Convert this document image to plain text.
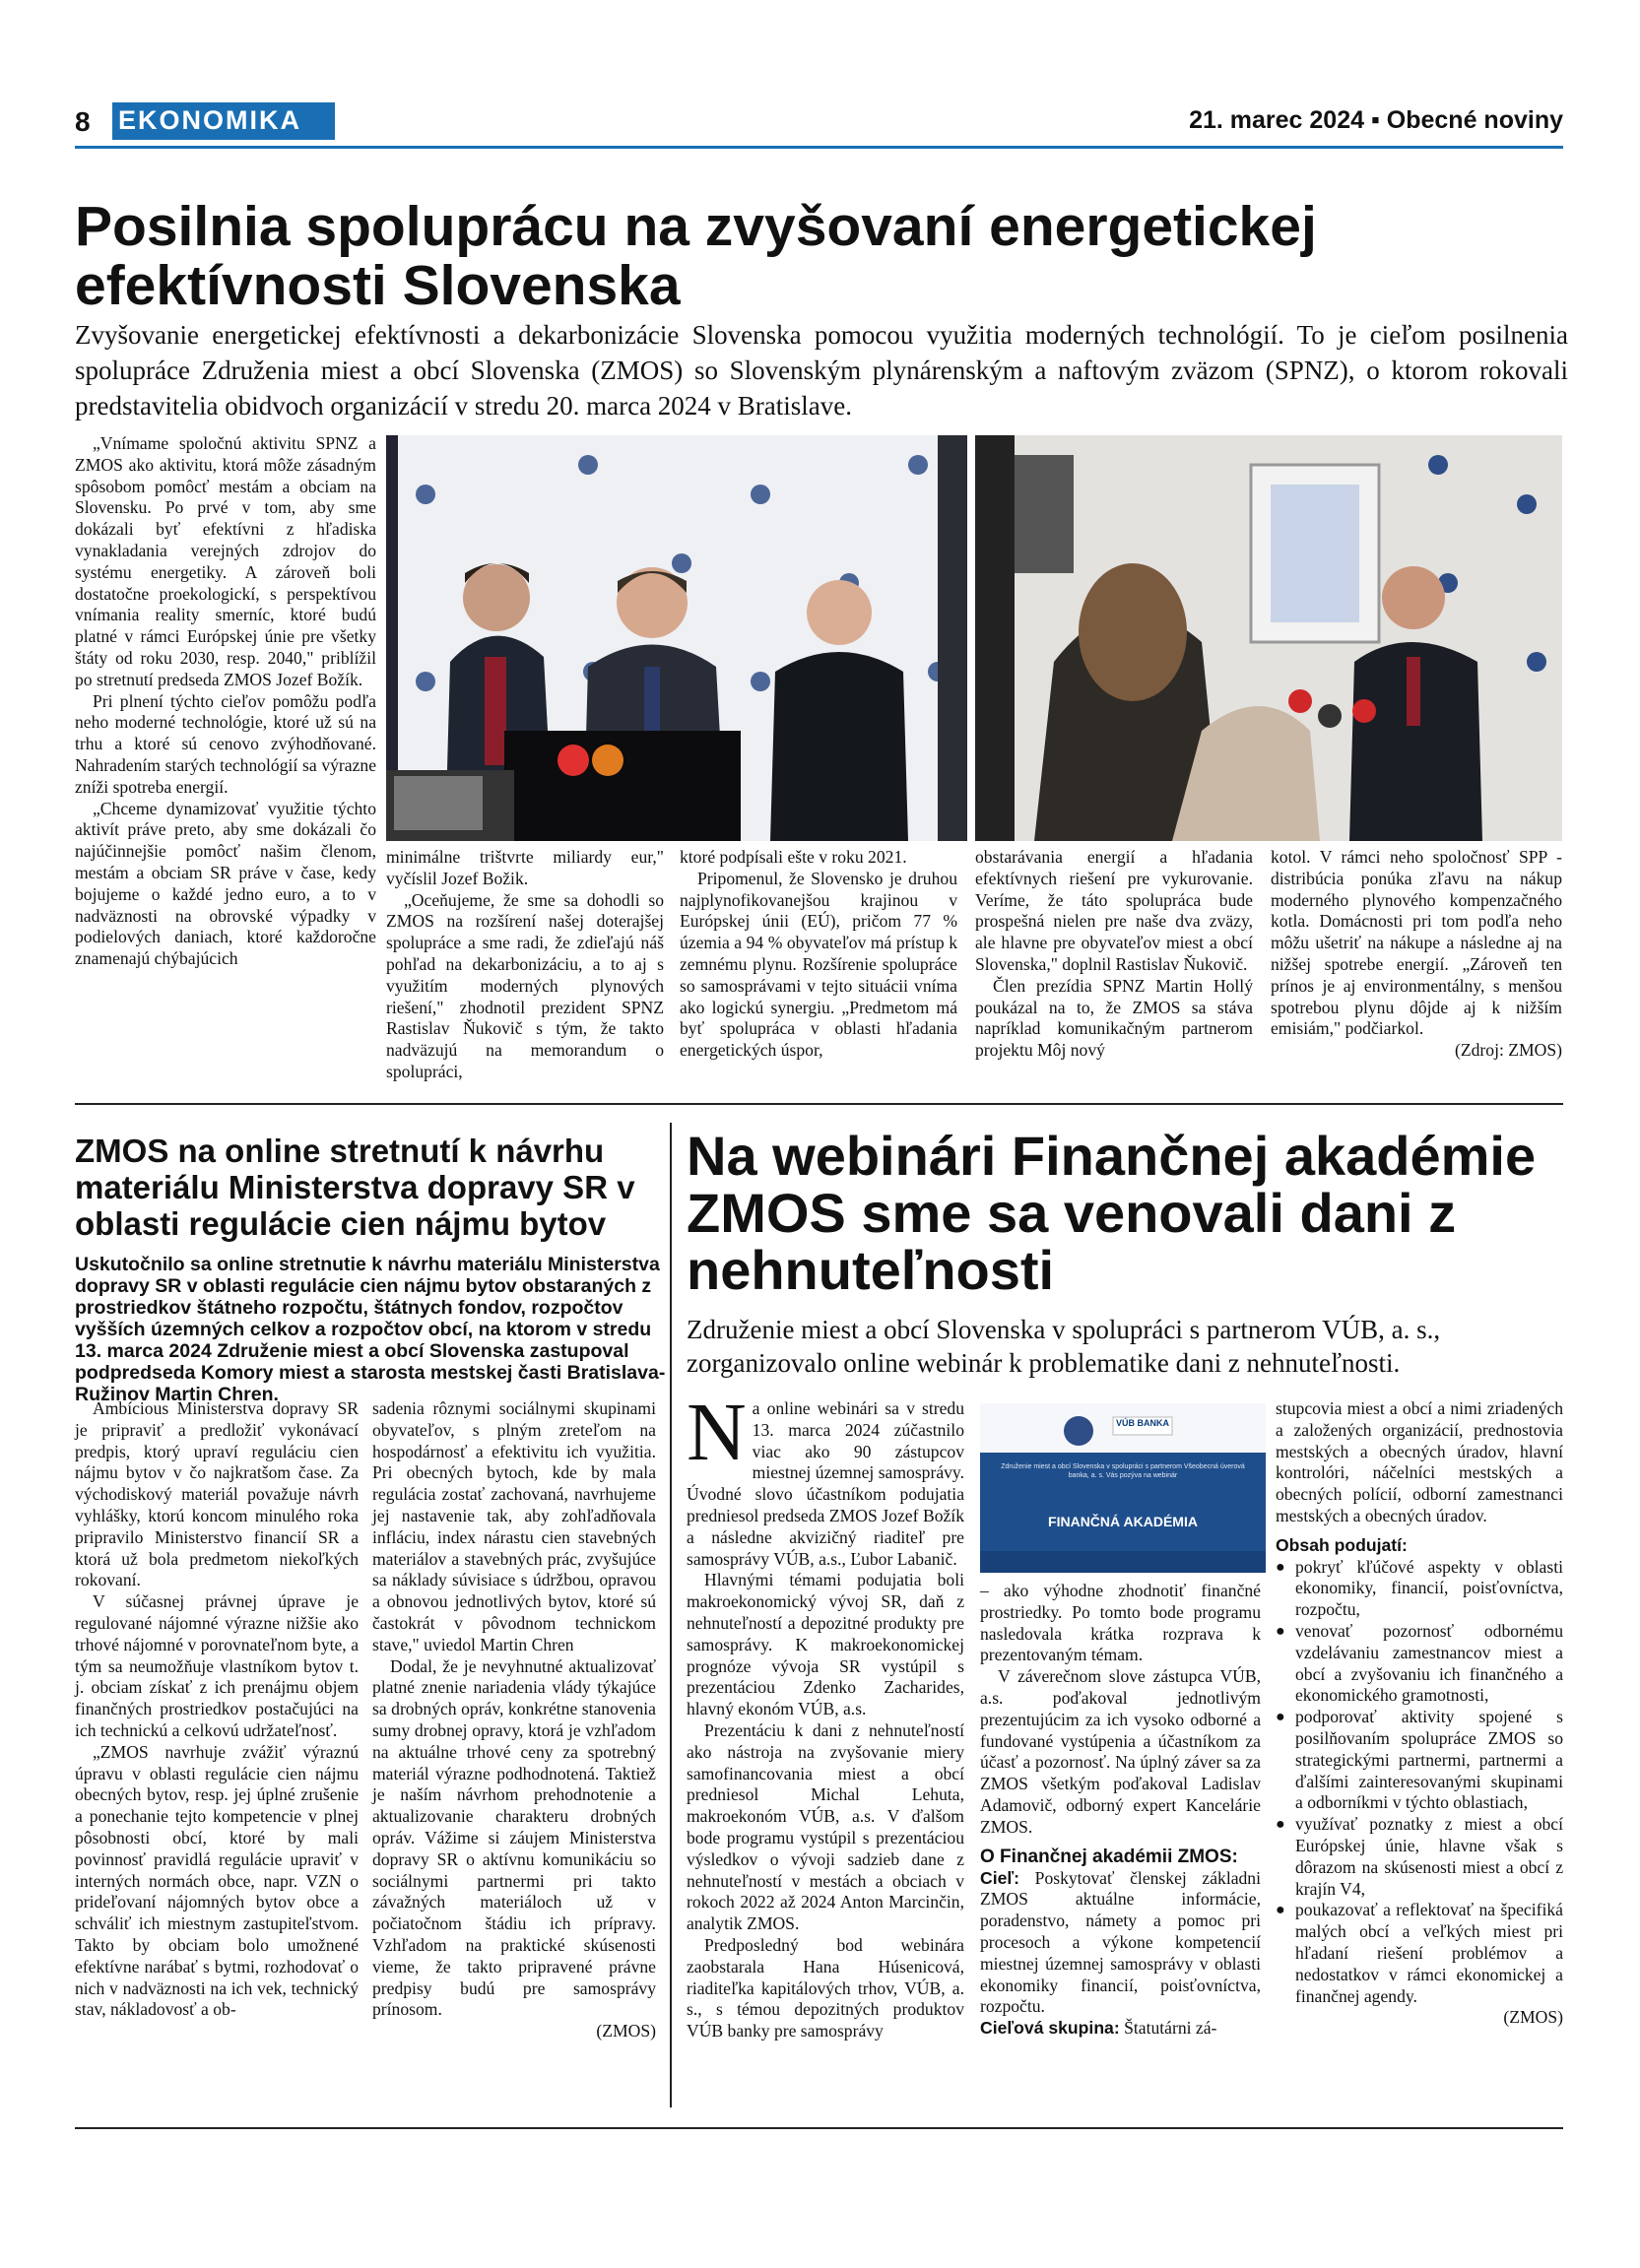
8 EKONOMIKA	21. marec 2024 ▪ Obecné noviny
Posilnia spoluprácu na zvyšovaní energetickej efektívnosti Slovenska
Zvyšovanie energetickej efektívnosti a dekarbonizácie Slovenska pomocou využitia moderných technológií. To je cieľom posilnenia spolupráce Združenia miest a obcí Slovenska (ZMOS) so Slovenským plynárenským a naftovým zväzom (SPNZ), o ktorom rokovali predstavitelia obidvoch organizácií v stredu 20. marca 2024 v Bratislave.

„Vnímame spoločnú aktivitu SPNZ a ZMOS ako aktivitu, ktorá môže zásadným spôsobom pomôcť mestám a obciam na Slovensku. Po prvé v tom, aby sme dokázali byť efektívni z hľadiska vynakladania verejných zdrojov do systému energetiky. A zároveň boli dostatočne proekologickí, s perspektívou vnímania reality smerníc, ktoré budú platné v rámci Európskej únie pre všetky štáty od roku 2030, resp. 2040," priblížil po stretnutí predseda ZMOS Jozef Božík.

Pri plnení týchto cieľov pomôžu podľa neho moderné technológie, ktoré už sú na trhu a ktoré sú cenovo zvýhodňované. Nahradením starých technológií sa výrazne zníži spotreba energií.

„Chceme dynamizovať využitie týchto aktivít práve preto, aby sme dokázali čo najúčinnejšie pomôcť našim členom, mestám a obciam SR práve v čase, kedy bojujeme o každé jedno euro, a to v nadväznosti na obrovské výpadky v podielových daniach, ktoré každoročne znamenajú chýbajúcich

minimálne trištvrte miliardy eur," vyčíslil Jozef Božik.

„Oceňujeme, že sme sa dohodli so ZMOS na rozšírení našej doterajšej spolupráce a sme radi, že zdieľajú náš pohľad na dekarbonizáciu, a to aj s využitím moderných plynových riešení," zhodnotil prezident SPNZ Rastislav Ňukovič s tým, že takto nadväzujú na memorandum o spolupráci,

ktoré podpísali ešte v roku 2021.

Pripomenul, že Slovensko je druhou najplynofikovanejšou krajinou v Európskej únii (EÚ), pričom 77 % územia a 94 % obyvateľov má prístup k zemnému plynu. Rozšírenie spolupráce so samosprávami v tejto situácii vníma ako logickú synergiu. „Predmetom má byť spolupráca v oblasti hľadania energetických úspor,

obstarávania energií a hľadania efektívnych riešení pre vykurovanie. Veríme, že táto spolupráca bude prospešná nielen pre naše dva zväzy, ale hlavne pre obyvateľov miest a obcí Slovenska," doplnil Rastislav Ňukovič.

Člen prezídia SPNZ Martin Hollý poukázal na to, že ZMOS sa stáva napríklad komunikačným partnerom projektu Môj nový

kotol. V rámci neho spoločnosť SPP - distribúcia ponúka zľavu na nákup moderného plynového kompenzačného kotla. Domácnosti pri tom podľa neho môžu ušetriť na nákupe a následne aj na nižšej spotrebe energií. „Zároveň ten prínos je aj environmentálny, s menšou spotrebou plynu dôjde aj k nižším emisiám," podčiarkol.

(Zdroj: ZMOS)

ZMOS na online stretnutí k návrhu materiálu Ministerstva dopravy SR v oblasti regulácie cien nájmu bytov
Uskutočnilo sa online stretnutie k návrhu materiálu Ministerstva dopravy SR v oblasti regulácie cien nájmu bytov obstaraných z prostriedkov štátneho rozpočtu, štátnych fondov, rozpočtov vyšších územných celkov a rozpočtov obcí, na ktorom v stredu 13. marca 2024 Združenie miest a obcí Slovenska zastupoval podpredseda Komory miest a starosta mestskej časti Bratislava-Ružinov Martin Chren.

Ambícious Ministerstva dopravy SR je pripraviť a predložiť vykonávací predpis, ktorý upraví reguláciu cien nájmu bytov v čo najkratšom čase. Za východiskový materiál považuje návrh vyhlášky, ktorú koncom minulého roka pripravilo Ministerstvo financií SR a ktorá už bola predmetom niekoľkých rokovaní.

V súčasnej právnej úprave je regulované nájomné výrazne nižšie ako trhové nájomné v porovnateľnom byte, a tým sa neumožňuje vlastníkom bytov t. j. obciam získať z ich prenájmu objem finančných prostriedkov postačujúci na ich technickú a celkovú udržateľnosť.

„ZMOS navrhuje zvážiť výraznú úpravu v oblasti regulácie cien nájmu obecných bytov, resp. jej úplné zrušenie a ponechanie tejto kompetencie v plnej pôsobnosti obcí, ktoré by mali povinnosť pravidlá regulácie upraviť v interných normách obce, napr. VZN o prideľovaní nájomných bytov obce a schváliť ich miestnym zastupiteľstvom. Takto by obciam bolo umožnené efektívne narábať s bytmi, rozhodovať o nich v nadväznosti na ich vek, technický stav, nákladovosť a ob-

sadenia rôznymi sociálnymi skupinami obyvateľov, s plným zreteľom na hospodárnosť a efektivitu ich využitia. Pri obecných bytoch, kde by mala regulácia zostať zachovaná, navrhujeme jej nastavenie tak, aby zohľadňovala infláciu, index nárastu cien stavebných materiálov a stavebných prác, zvyšujúce sa náklady súvisiace s údržbou, opravou a obnovou jednotlivých bytov, ktoré sú častokrát v pôvodnom technickom stave," uviedol Martin Chren

Dodal, že je nevyhnutné aktualizovať platné znenie nariadenia vlády týkajúce sa drobných opráv, konkrétne stanovenia sumy drobnej opravy, ktorá je vzhľadom na aktuálne trhové ceny za spotrebný materiál výrazne podhodnotená. Taktiež je naším návrhom prehodnotenie a aktualizovanie charakteru drobných opráv. Vážime si záujem Ministerstva dopravy SR o aktívnu komunikáciu so sociálnymi partnermi pri takto závažných materiáloch už v počiatočnom štádiu ich prípravy. Vzhľadom na praktické skúsenosti vieme, že takto pripravené právne predpisy budú pre samosprávy prínosom.

(ZMOS)

Na webinári Finančnej akadémie ZMOS sme sa venovali dani z nehnuteľnosti
Združenie miest a obcí Slovenska v spolupráci s partnerom VÚB, a. s., zorganizovalo online webinár k problematike dani z nehnuteľnosti.

Na online webinári sa v stredu 13. marca 2024 zúčastnilo viac ako 90 zástupcov miestnej územnej samosprávy. Úvodné slovo účastníkom podujatia predniesol predseda ZMOS Jozef Božík a následne akvizičný riaditeľ pre samosprávy VÚB, a.s., Ľubor Labanič.

Hlavnými témami podujatia boli makroekonomický vývoj SR, daň z nehnuteľností a depozitné produkty pre samosprávy. K makroekonomickej prognóze vývoja SR vystúpil s prezentáciou Zdenko Zacharides, hlavný ekonóm VÚB, a.s.

Prezentáciu k dani z nehnuteľností ako nástroja na zvyšovanie miery samofinancovania miest a obcí predniesol Michal Lehuta, makroekonóm VÚB, a.s. V ďalšom bode programu vystúpil s prezentáciou výsledkov o vývoji sadzieb dane z nehnuteľností v mestách a obciach v rokoch 2022 až 2024 Anton Marcinčin, analytik ZMOS.

Predposledný bod webinára zaobstarala Hana Húsenicová, riaditeľka kapitálových trhov, VÚB, a. s., s témou depozitných produktov VÚB banky pre samosprávy

VÚB BANKA
Združenie miest a obcí Slovenska v spolupráci s partnerom Všeobecná úverová banka, a. s. Vás pozýva na webinár
FINANČNÁ AKADÉMIA

– ako výhodne zhodnotiť finančné prostriedky. Po tomto bode programu nasledovala krátka rozprava k prezentovaným témam.

V záverečnom slove zástupca VÚB, a.s. poďakoval jednotlivým prezentujúcim za ich vysoko odborné a fundované vystúpenia a účastníkom za účasť a pozornosť. Na úplný záver sa za ZMOS všetkým poďakoval Ladislav Adamovič, odborný expert Kancelárie ZMOS.

O Finančnej akadémii ZMOS:

Cieľ: Poskytovať členskej základni ZMOS aktuálne informácie, poradenstvo, námety a pomoc pri procesoch a výkone kompetencií miestnej územnej samosprávy v oblasti ekonomiky financií, poisťovníctva, rozpočtu.

Cieľová skupina: Štatutárni zá-

stupcovia miest a obcí a nimi zriadených a založených organizácií, prednostovia mestských a obecných úradov, hlavní kontrolóri, náčelníci mestských a obecných polícií, odborní zamestnanci mestských a obecných úradov.

Obsah podujatí:

● pokryť kľúčové aspekty v oblasti ekonomiky, financií, poisťovníctva, rozpočtu,
● venovať pozornosť odbornému vzdelávaniu zamestnancov miest a obcí a zvyšovaniu ich finančného a ekonomického gramotnosti,
● podporovať aktivity spojené s posilňovaním spolupráce ZMOS so strategickými partnermi, partnermi a ďalšími zainteresovanými skupinami a odborníkmi v týchto oblastiach,
● využívať poznatky z miest a obcí Európskej únie, hlavne však s dôrazom na skúsenosti miest a obcí z krajín V4,
● poukazovať a reflektovať na špecifiká malých obcí a veľkých miest pri hľadaní riešení problémov a nedostatkov v rámci ekonomickej a finančnej agendy.

(ZMOS)
